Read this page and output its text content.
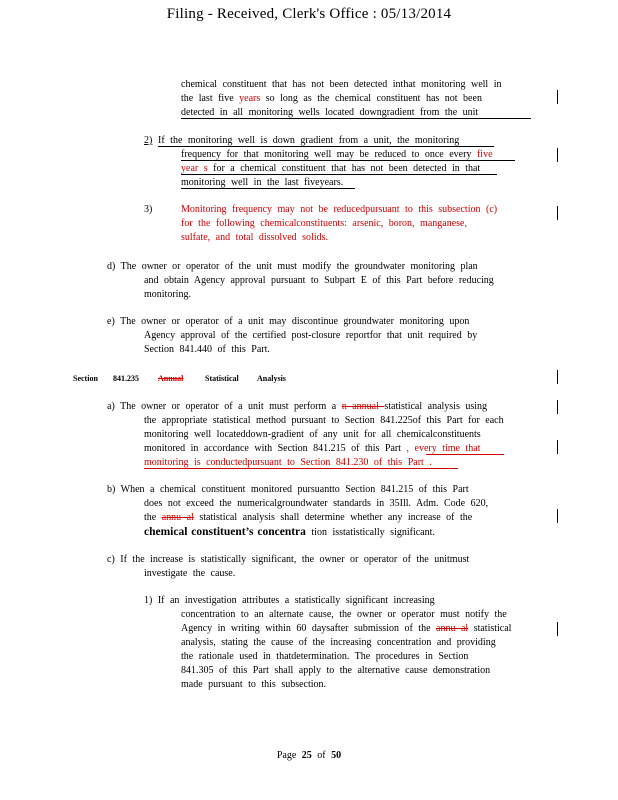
Filing - Received, Clerk's Office : 05/13/2014
chemical constituent that has not been detected inthat monitoring well in
the last five years so long as the chemical constituent has not been
detected in all monitoring wells located downgradient from the unit
2) If the monitoring well is down gradient from a unit, the monitoring
frequency for that monitoring well may be reduced to once every five
year s for a chemical constituent that has not been detected in that
monitoring well in the last fiveyears.
3)	Monitoring frequency may not be reducedpursuant to this subsection (c)
for the following chemicalconstituents: arsenic, boron, manganese,
sulfate, and total dissolved solids.
d) The owner or operator of the unit must modify the groundwater monitoring plan
and obtain Agency approval pursuant to Subpart E of this Part before reducing
monitoring.
e) The owner or operator of a unit may discontinue groundwater monitoring upon
Agency approval of the certified post-closure reportfor that unit required by
Section 841.440 of this Part.
Section 841.235 Annual	Statistical Analysis
a) The owner or operator of a unit must perform a n annual statistical analysis using
the appropriate statistical method pursuant to Section 841.225of this Part for each
monitoring well locateddown-gradient of any unit for all chemicalconstituents
monitored in accordance with Section 841.215 of this Part , every time that
monitoring is conductedpursuant to Section 841.230 of this Part .
b) When a chemical constituent monitored pursuantto Section 841.215 of this Part
does not exceed the numericalgroundwater standards in 35Ill. Adm. Code 620,
the annu al statistical analysis shall determine whether any increase of the
chemical constituent’s concentra tion isstatistically significant.
c) If the increase is statistically significant, the owner or operator of the unitmust
investigate the cause.
1) If an investigation attributes a statistically significant increasing
concentration to an alternate cause, the owner or operator must notify the
Agency in writing within 60 daysafter submission of the annu al statistical
analysis, stating the cause of the increasing concentration and providing
the rationale used in thatdetermination. The procedures in Section
841.305 of this Part shall apply to the alternative cause demonstration
made pursuant to this subsection.
Page 25 of 50
